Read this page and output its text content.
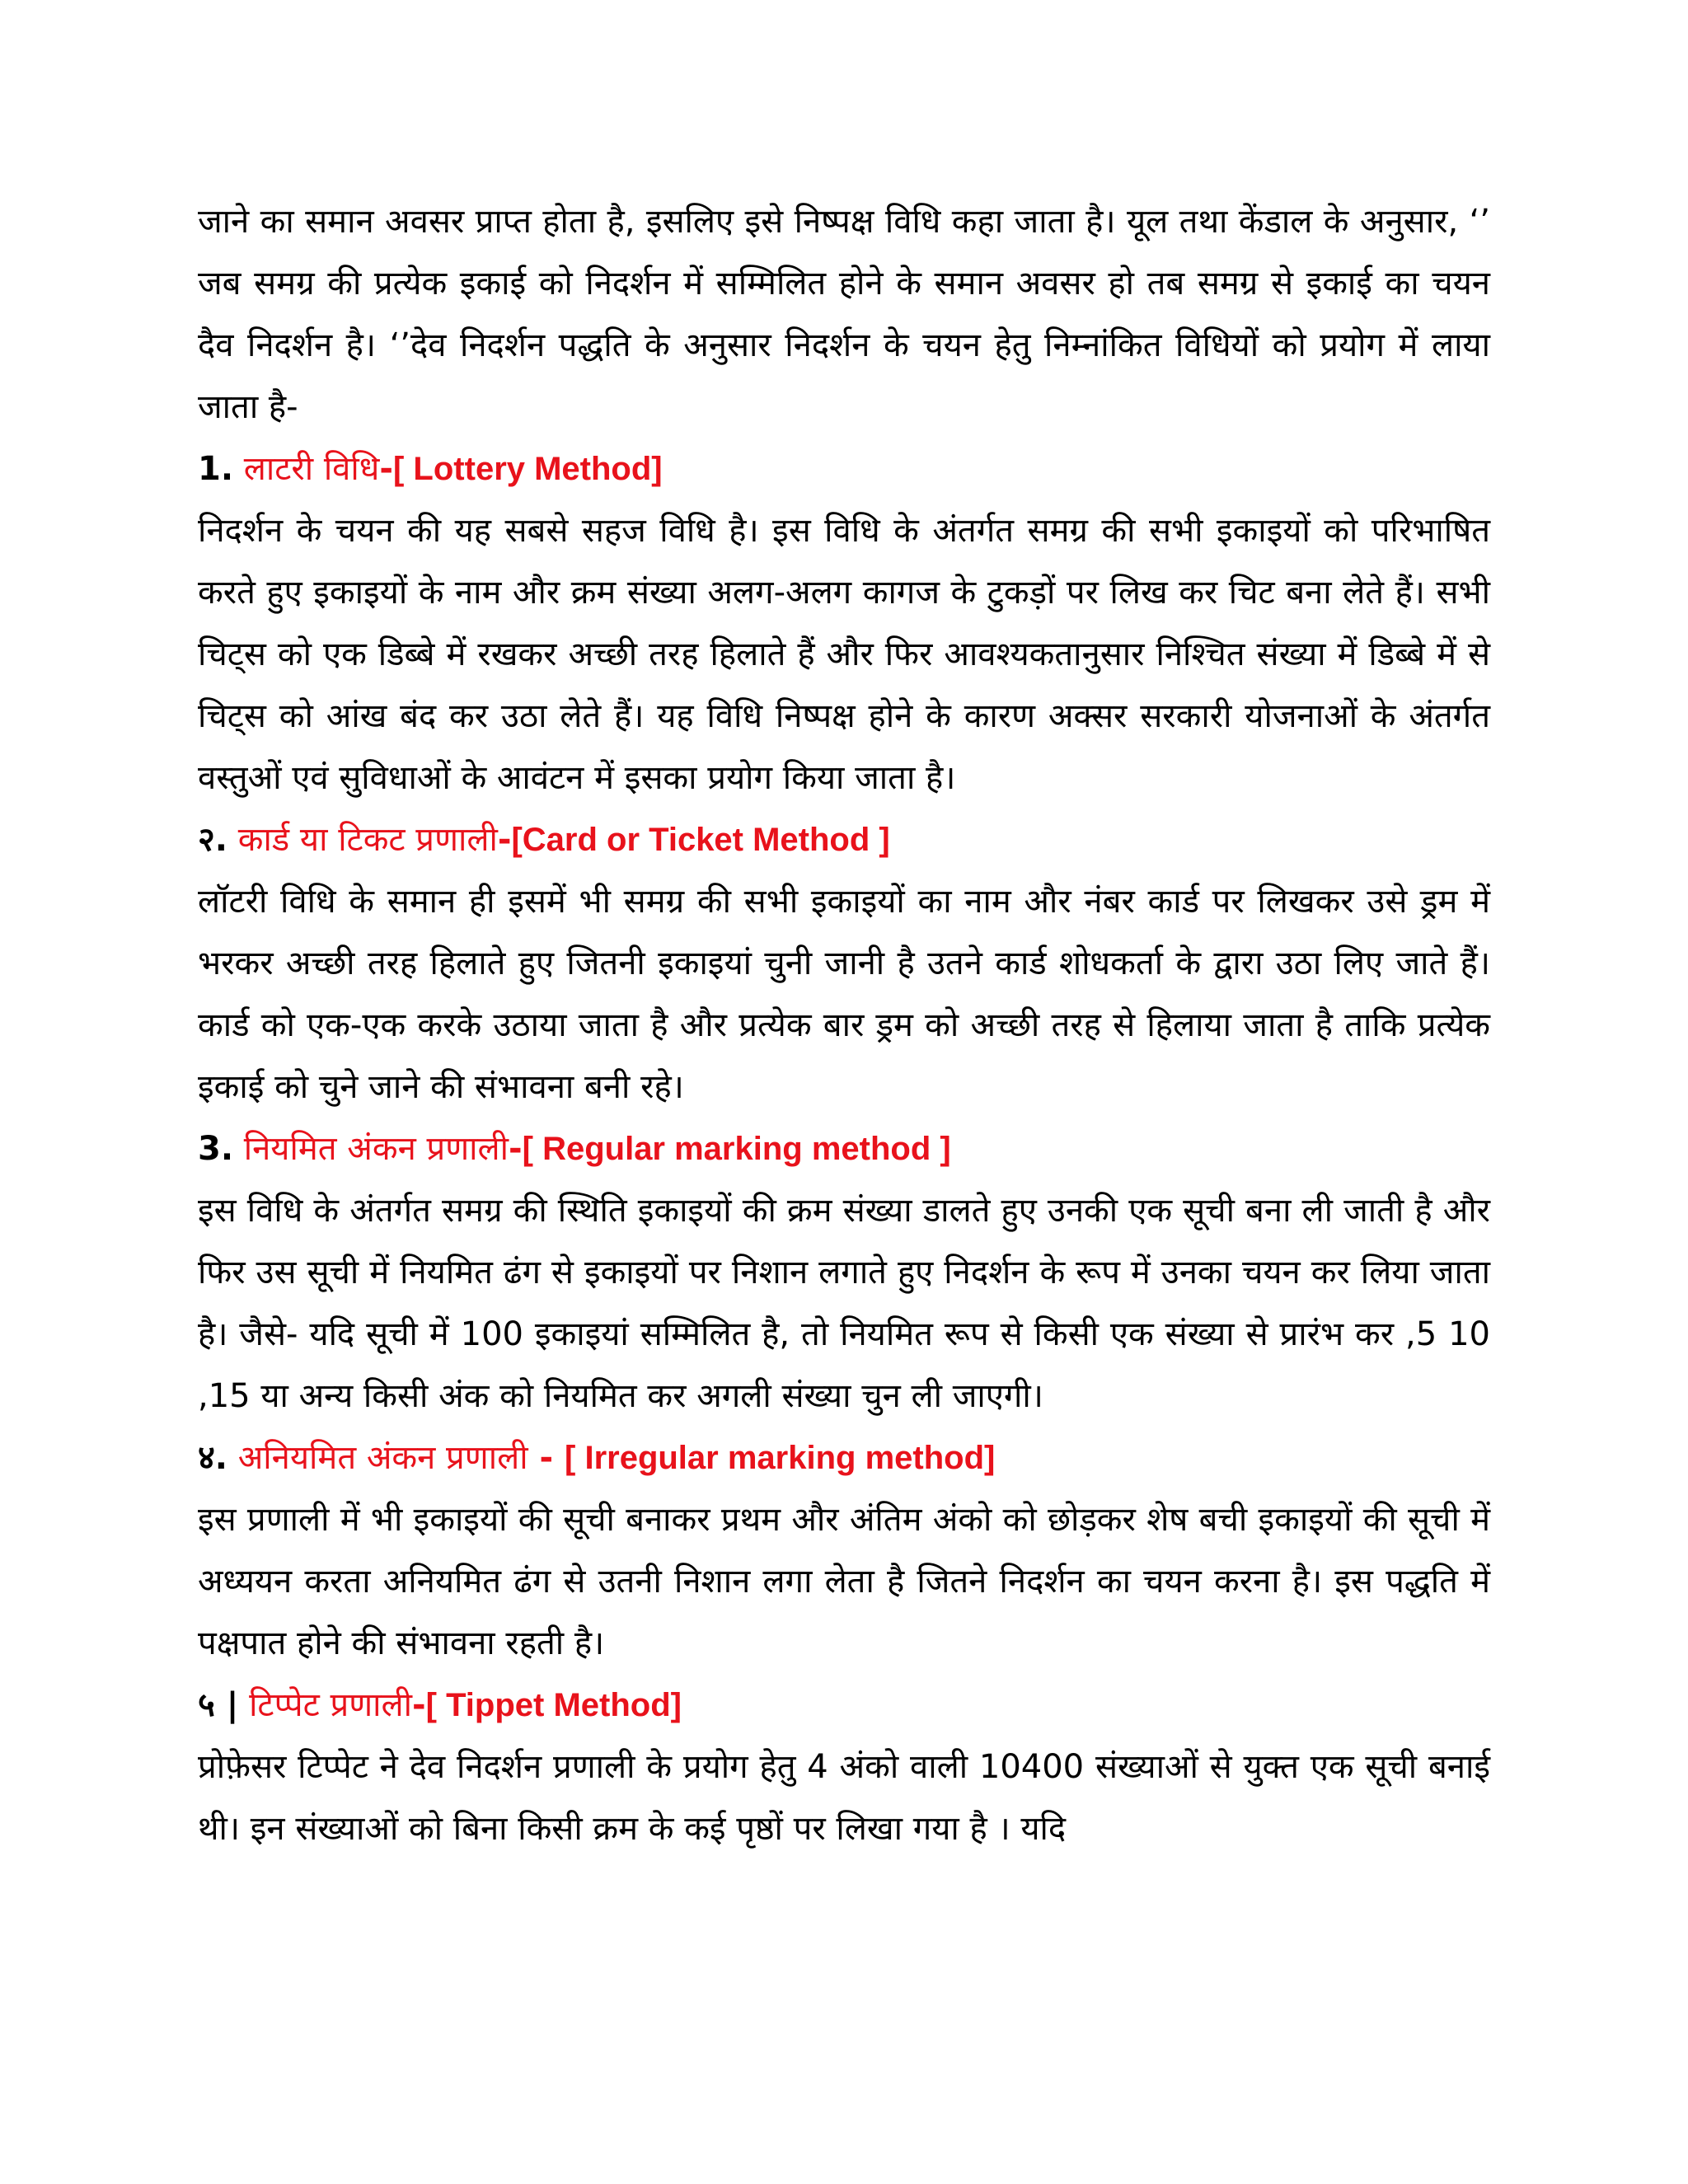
जाने का समान अवसर प्राप्त होता है, इसलिए इसे निष्पक्ष विधि कहा जाता है। यूल तथा केंडाल के अनुसार, ‘’ जब समग्र की प्रत्येक इकाई को निदर्शन में सम्मिलित होने के समान अवसर हो तब समग्र से इकाई का चयन दैव निदर्शन है। ‘’देव निदर्शन पद्धति के अनुसार निदर्शन के चयन हेतु निम्नांकित विधियों को प्रयोग में लाया जाता है-

1. लाटरी विधि-[ Lottery Method]

निदर्शन के चयन की यह सबसे सहज विधि है। इस विधि के अंतर्गत समग्र की सभी इकाइयों को परिभाषित करते हुए इकाइयों के नाम और क्रम संख्या अलग-अलग कागज के टुकड़ों पर लिख कर चिट बना लेते हैं। सभी चिट्स को एक डिब्बे में रखकर अच्छी तरह हिलाते हैं और फिर आवश्यकतानुसार निश्चित संख्या में डिब्बे में से चिट्स को आंख बंद कर उठा लेते हैं। यह विधि निष्पक्ष होने के कारण अक्सर सरकारी योजनाओं के अंतर्गत वस्तुओं एवं सुविधाओं के आवंटन में इसका प्रयोग किया जाता है।

२. कार्ड या टिकट प्रणाली-[Card or Ticket Method ]

लॉटरी विधि के समान ही इसमें भी समग्र की सभी इकाइयों का नाम और नंबर कार्ड पर लिखकर उसे ड्रम में भरकर अच्छी तरह हिलाते हुए जितनी इकाइयां चुनी जानी है उतने कार्ड शोधकर्ता के द्वारा उठा लिए जाते हैं। कार्ड को एक-एक करके उठाया जाता है और प्रत्येक बार ड्रम को अच्छी तरह से हिलाया जाता है ताकि प्रत्येक इकाई को चुने जाने की संभावना बनी रहे।

3. नियमित अंकन प्रणाली-[ Regular marking method ]

इस विधि के अंतर्गत समग्र की स्थिति इकाइयों की क्रम संख्या डालते हुए उनकी एक सूची बना ली जाती है और फिर उस सूची में नियमित ढंग से इकाइयों पर निशान लगाते हुए निदर्शन के रूप में उनका चयन कर लिया जाता है। जैसे- यदि सूची में 100 इकाइयां सम्मिलित है, तो नियमित रूप से किसी एक संख्या से प्रारंभ कर ,5 10 ,15 या अन्य किसी अंक को नियमित कर अगली संख्या चुन ली जाएगी।

४. अनियमित अंकन प्रणाली - [ Irregular marking method]

इस प्रणाली में भी इकाइयों की सूची बनाकर प्रथम और अंतिम अंको को छोड़कर शेष बची इकाइयों की सूची में अध्ययन करता अनियमित ढंग से उतनी निशान लगा लेता है जितने निदर्शन का चयन करना है। इस पद्धति में पक्षपात होने की संभावना रहती है।

५ | टिप्पेट प्रणाली-[ Tippet Method]

प्रोफ़ेसर टिप्पेट ने देव निदर्शन प्रणाली के प्रयोग हेतु 4 अंको वाली 10400 संख्याओं से युक्त एक सूची बनाई थी। इन संख्याओं को बिना किसी क्रम के कई पृष्ठों पर लिखा गया है । यदि
